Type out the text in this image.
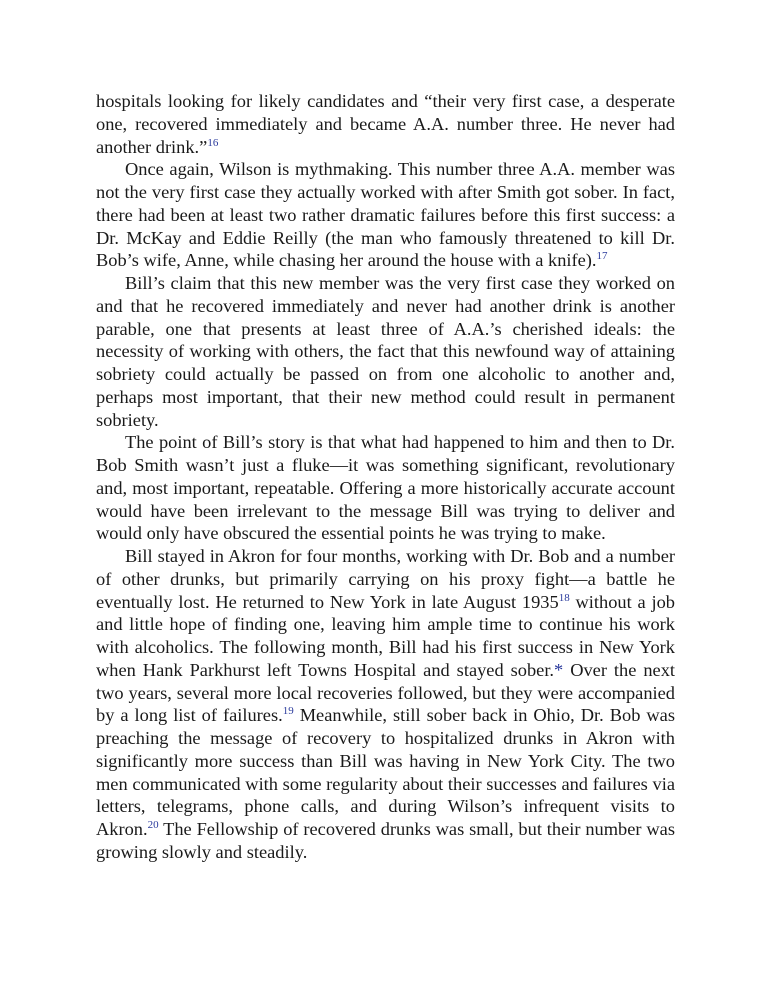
hospitals looking for likely candidates and “their very first case, a desperate one, recovered immediately and became A.A. number three. He never had another drink.”$^{16}$

Once again, Wilson is mythmaking. This number three A.A. member was not the very first case they actually worked with after Smith got sober. In fact, there had been at least two rather dramatic failures before this first success: a Dr. McKay and Eddie Reilly (the man who famously threatened to kill Dr. Bob’s wife, Anne, while chasing her around the house with a knife).$^{17}$

Bill’s claim that this new member was the very first case they worked on and that he recovered immediately and never had another drink is another parable, one that presents at least three of A.A.’s cherished ideals: the necessity of working with others, the fact that this newfound way of attaining sobriety could actually be passed on from one alcoholic to another and, perhaps most important, that their new method could result in permanent sobriety.

The point of Bill’s story is that what had happened to him and then to Dr. Bob Smith wasn’t just a fluke—it was something significant, revolutionary and, most important, repeatable. Offering a more historically accurate account would have been irrelevant to the message Bill was trying to deliver and would only have obscured the essential points he was trying to make.

Bill stayed in Akron for four months, working with Dr. Bob and a number of other drunks, but primarily carrying on his proxy fight—a battle he eventually lost. He returned to New York in late August 1935$^{18}$ without a job and little hope of finding one, leaving him ample time to continue his work with alcoholics. The following month, Bill had his first success in New York when Hank Parkhurst left Towns Hospital and stayed sober.* Over the next two years, several more local recoveries followed, but they were accompanied by a long list of failures.$^{19}$ Meanwhile, still sober back in Ohio, Dr. Bob was preaching the message of recovery to hospitalized drunks in Akron with significantly more success than Bill was having in New York City. The two men communicated with some regularity about their successes and failures via letters, telegrams, phone calls, and during Wilson’s infrequent visits to Akron.$^{20}$ The Fellowship of recovered drunks was small, but their number was growing slowly and steadily.
